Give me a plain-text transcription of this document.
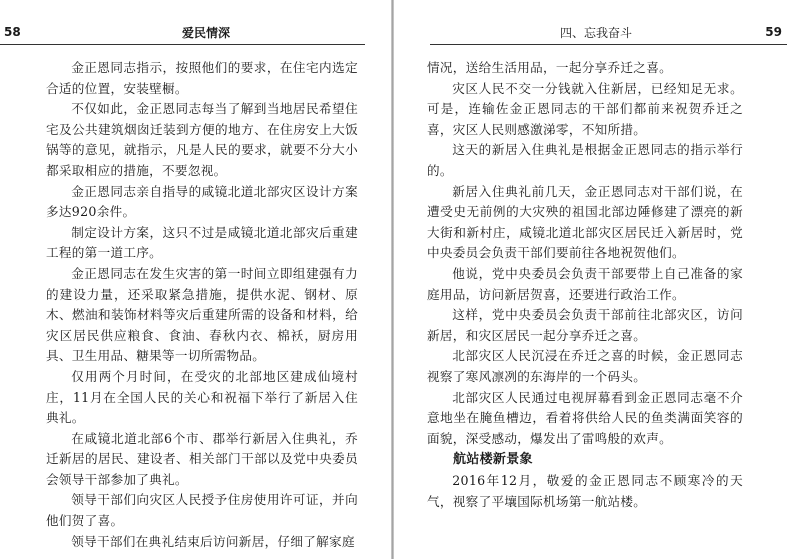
58	爱民情深

金正恩同志指示，按照他们的要求，在住宅内选定合适的位置，安装壁橱。

不仅如此，金正恩同志每当了解到当地居民希望住宅及公共建筑烟囱迁装到方便的地方、在住房安上大饭锅等的意见，就指示，凡是人民的要求，就要不分大小都采取相应的措施，不要忽视。

金正恩同志亲自指导的咸镜北道北部灾区设计方案多达920余件。

制定设计方案，这只不过是咸镜北道北部灾后重建工程的第一道工序。

金正恩同志在发生灾害的第一时间立即组建强有力的建设力量，还采取紧急措施，提供水泥、钢材、原木、燃油和装饰材料等灾后重建所需的设备和材料，给灾区居民供应粮食、食油、春秋内衣、棉袄，厨房用具、卫生用品、糖果等一切所需物品。

仅用两个月时间，在受灾的北部地区建成仙境村庄，11月在全国人民的关心和祝福下举行了新居入住典礼。

在咸镜北道北部6个市、郡举行新居入住典礼，乔迁新居的居民、建设者、相关部门干部以及党中央委员会领导干部参加了典礼。

领导干部们向灾区人民授予住房使用许可证，并向他们贺了喜。

领导干部们在典礼结束后访问新居，仔细了解家庭

四、忘我奋斗	59

情况，送给生活用品，一起分享乔迁之喜。

灾区人民不交一分钱就入住新居，已经知足无求。可是，连输佐金正恩同志的干部们都前来祝贺乔迁之喜，灾区人民则感激涕零，不知所措。

这天的新居入住典礼是根据金正恩同志的指示举行的。

新居入住典礼前几天，金正恩同志对干部们说，在遭受史无前例的大灾殃的祖国北部边陲修建了漂亮的新大街和新村庄，咸镜北道北部灾区居民迁入新居时，党中央委员会负责干部们要前往各地祝贺他们。

他说，党中央委员会负责干部要带上自己准备的家庭用品，访问新居贺喜，还要进行政治工作。

这样，党中央委员会负责干部前往北部灾区，访问新居，和灾区居民一起分享乔迁之喜。

北部灾区人民沉浸在乔迁之喜的时候，金正恩同志视察了寒风凛冽的东海岸的一个码头。

北部灾区人民通过电视屏幕看到金正恩同志毫不介意地坐在腌鱼槽边，看着将供给人民的鱼类满面笑容的面貌，深受感动，爆发出了雷鸣般的欢声。

航站楼新景象

2016年12月，敬爱的金正恩同志不顾寒冷的天气，视察了平壤国际机场第一航站楼。
